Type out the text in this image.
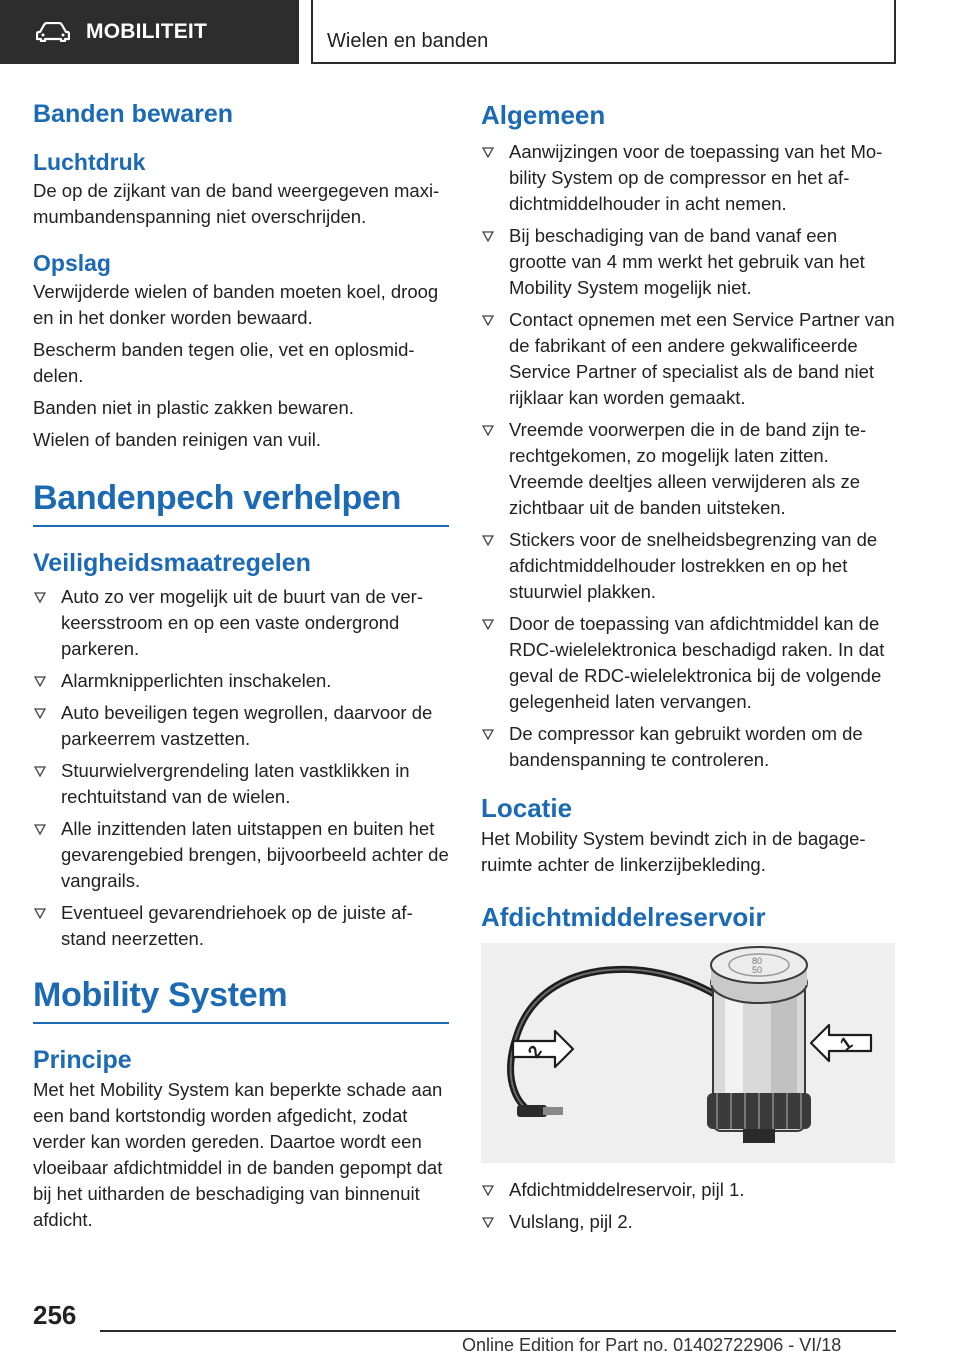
MOBILITEIT	Wielen en banden
Banden bewaren
Luchtdruk

De op de zijkant van de band weergegeven maximumbandenspanning niet overschrijden.

Opslag

Verwijderde wielen of banden moeten koel, droog en in het donker worden bewaard.

Bescherm banden tegen olie, vet en oplosmiddelen.

Banden niet in plastic zakken bewaren.

Wielen of banden reinigen van vuil.

Bandenpech verhelpen
Veiligheidsmaatregelen
Auto zo ver mogelijk uit de buurt van de verkeersstroom en op een vaste ondergrond parkeren.
Alarmknipperlichten inschakelen.
Auto beveiligen tegen wegrollen, daarvoor de parkeerrem vastzetten.
Stuurwielvergrendeling laten vastklikken in rechtuitstand van de wielen.
Alle inzittenden laten uitstappen en buiten het gevarengebied brengen, bijvoorbeeld achter de vangrails.
Eventueel gevarendriehoek op de juiste afstand neerzetten.
Mobility System
Principe

Met het Mobility System kan beperkte schade aan een band kortstondig worden afgedicht, zodat verder kan worden gereden. Daartoe wordt een vloeibaar afdichtmiddel in de banden gepompt dat bij het uitharden de beschadiging van binnenuit afdicht.

Algemeen
Aanwijzingen voor de toepassing van het Mobility System op de compressor en het afdichtmiddelhouder in acht nemen.
Bij beschadiging van de band vanaf een grootte van 4 mm werkt het gebruik van het Mobility System mogelijk niet.
Contact opnemen met een Service Partner van de fabrikant of een andere gekwalificeerde Service Partner of specialist als de band niet rijklaar kan worden gemaakt.
Vreemde voorwerpen die in de band zijn terechtgekomen, zo mogelijk laten zitten. Vreemde deeltjes alleen verwijderen als ze zichtbaar uit de banden uitsteken.
Stickers voor de snelheidsbegrenzing van de afdichtmiddelhouder lostrekken en op het stuurwiel plakken.
Door de toepassing van afdichtmiddel kan de RDC-wielelektronica beschadigd raken. In dat geval de RDC-wielelektronica bij de volgende gelegenheid laten vervangen.
De compressor kan gebruikt worden om de bandenspanning te controleren.
Locatie

Het Mobility System bevindt zich in de bagageruimte achter de linkerzijbekleding.

Afdichtmiddelreservoir
80
50
1
2
Afdichtmiddelreservoir, pijl 1.
Vulslang, pijl 2.
256
Online Edition for Part no. 01402722906 - VI/18
